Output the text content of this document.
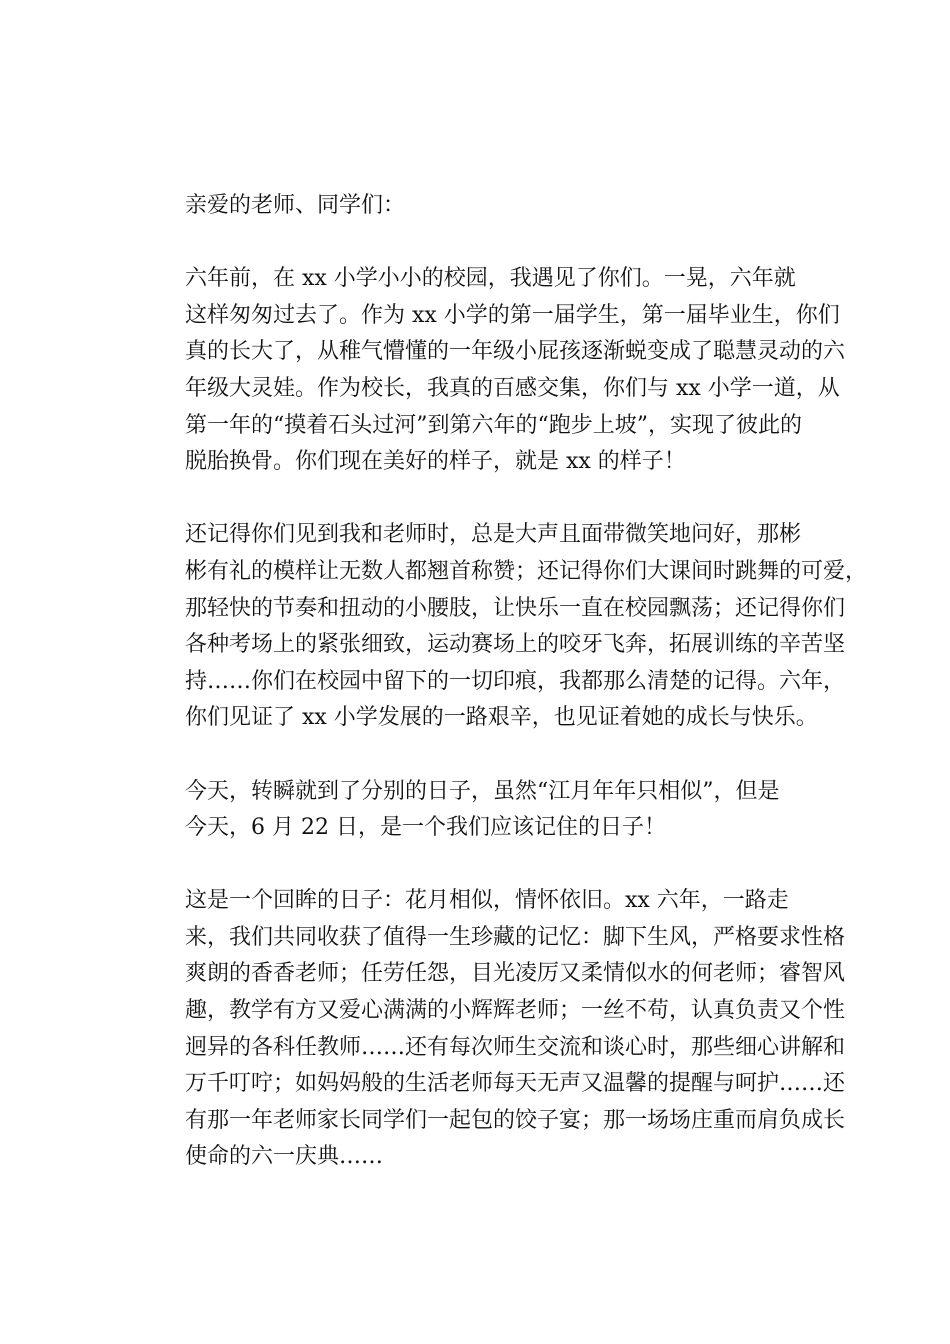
亲爱的老师、同学们：

六年前，在 xx 小学小小的校园，我遇见了你们。一晃，六年就
这样匆匆过去了。作为 xx 小学的第一届学生，第一届毕业生，你们
真的长大了，从稚气懵懂的一年级小屁孩逐渐蜕变成了聪慧灵动的六
年级大灵娃。作为校长，我真的百感交集，你们与 xx 小学一道，从
第一年的“摸着石头过河”到第六年的“跑步上坡”，实现了彼此的
脱胎换骨。你们现在美好的样子，就是 xx 的样子！
还记得你们见到我和老师时，总是大声且面带微笑地问好，那彬
彬有礼的模样让无数人都翘首称赞；还记得你们大课间时跳舞的可爱，
那轻快的节奏和扭动的小腰肢，让快乐一直在校园飘荡；还记得你们
各种考场上的紧张细致，运动赛场上的咬牙飞奔，拓展训练的辛苦坚
持……你们在校园中留下的一切印痕，我都那么清楚的记得。六年，
你们见证了 xx 小学发展的一路艰辛，也见证着她的成长与快乐。
今天，转瞬就到了分别的日子，虽然“江月年年只相似”，但是
今天，6 月 22 日，是一个我们应该记住的日子！
这是一个回眸的日子：花月相似，情怀依旧。xx 六年，一路走
来，我们共同收获了值得一生珍藏的记忆：脚下生风，严格要求性格
爽朗的香香老师；任劳任怨，目光凌厉又柔情似水的何老师；睿智风
趣，教学有方又爱心满满的小辉辉老师；一丝不苟，认真负责又个性
迥异的各科任教师……还有每次师生交流和谈心时，那些细心讲解和
万千叮咛；如妈妈般的生活老师每天无声又温馨的提醒与呵护……还
有那一年老师家长同学们一起包的饺子宴；那一场场庄重而肩负成长
使命的六一庆典……
